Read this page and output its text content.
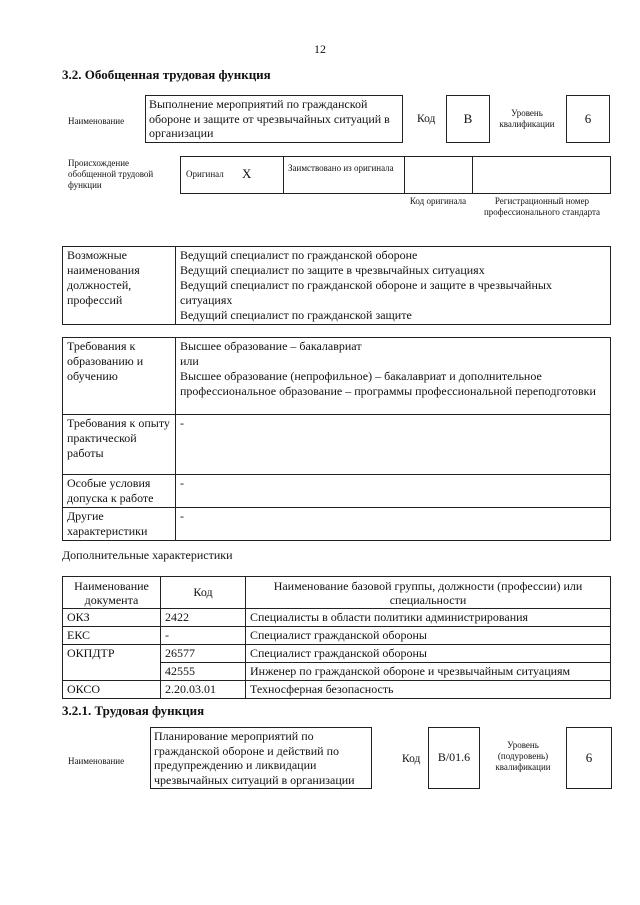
12
3.2. Обобщенная трудовая функция
Наименование
Выполнение мероприятий по гражданской обороне и защите от чрезвычайных ситуаций в организации
Код	B	Уровень квалификации	6
Происхождение обобщенной трудовой функции
Оригинал X	Заимствовано из оригинала
Код оригинала	Регистрационный номер профессионального стандарта
Возможные наименования должностей, профессий	
Ведущий специалист по гражданской обороне
Ведущий специалист по защите в чрезвычайных ситуациях
Ведущий специалист по гражданской обороне и защите в чрезвычайных ситуациях
Ведущий специалист по гражданской защите
Требования к образованию и обучению	Высшее образование – бакалавриат
или
Высшее образование (непрофильное) – бакалавриат и дополнительное профессиональное образование – программы профессиональной переподготовки

Требования к опыту практической работы	-
Особые условия допуска к работе	-
Другие характеристики	-
Дополнительные характеристики
Наименование документа	Код	Наименование базовой группы, должности (профессии) или специальности
ОКЗ	2422	Специалисты в области политики администрирования
ЕКС	-	Специалист гражданской обороны
ОКПДТР	26577	Специалист гражданской обороны
	42555	Инженер по гражданской обороне и чрезвычайным ситуациям
ОКСО	2.20.03.01	Техносферная безопасность
3.2.1. Трудовая функция
Наименование
Планирование мероприятий по гражданской обороне и действий по предупреждению и ликвидации чрезвычайных ситуаций в организации
Код	B/01.6
Уровень (подуровень) квалификации
6
